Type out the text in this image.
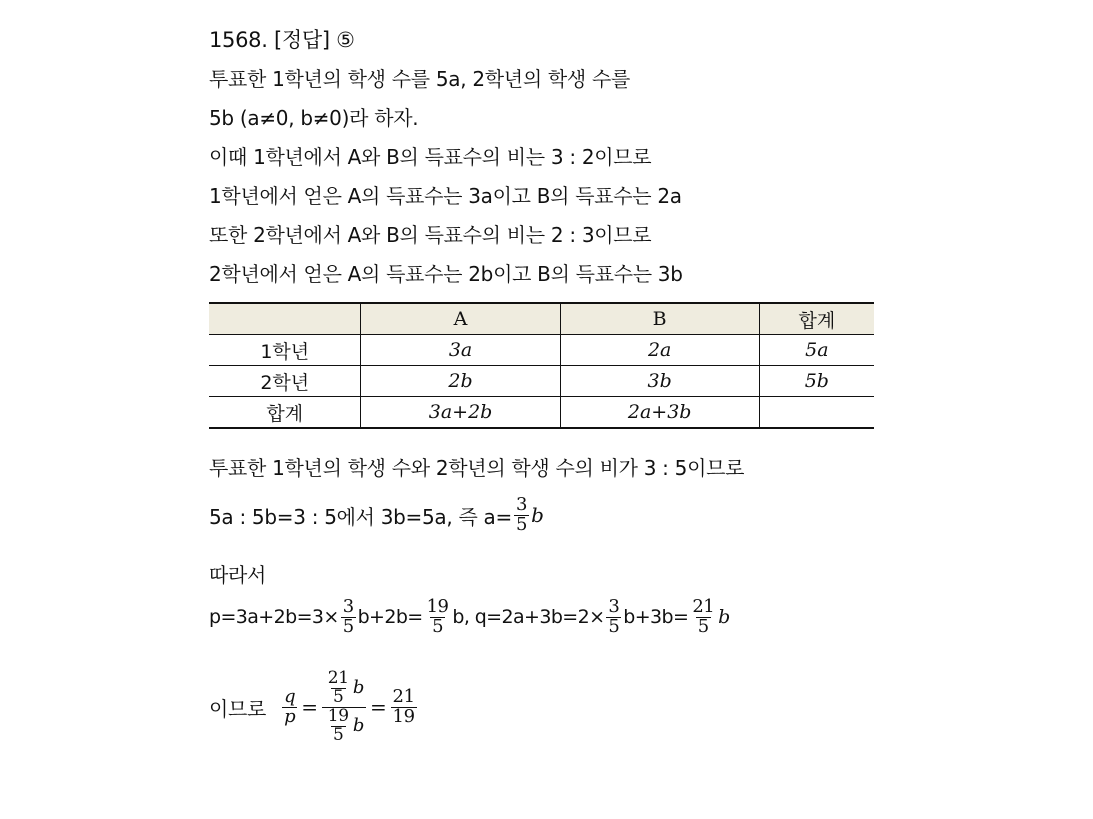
1568. [정답] ⑤
투표한 1학년의 학생 수를 5a, 2학년의 학생 수를
5b (a≠0, b≠0)라 하자.
이때 1학년에서 A와 B의 득표수의 비는 3 : 2이므로
1학년에서 얻은 A의 득표수는 3a이고 B의 득표수는 2a
또한 2학년에서 A와 B의 득표수의 비는 2 : 3이므로
2학년에서 얻은 A의 득표수는 2b이고 B의 득표수는 3b
	A	B	합계
1학년	3a	2a	5a
2학년	2b	3b	5b
합계	3a+2b	2a+3b	
투표한 1학년의 학생 수와 2학년의 학생 수의 비가 3 : 5이므로
5a : 5b=3 : 5에서 3b=5a, 즉 $a= \frac{3}{5}$ b
따라서
$p=3a+2b=3\times \frac{3}{5} b+2b= \frac{19}{5} b$, $q=2a+3b=2\times \frac{3}{5} b+3b= \frac{21}{5}$ b
이므로 $\frac{q}{p} = \frac{\frac{21}{5} b}{\frac{19}{5} b} = \frac{21}{19}$
